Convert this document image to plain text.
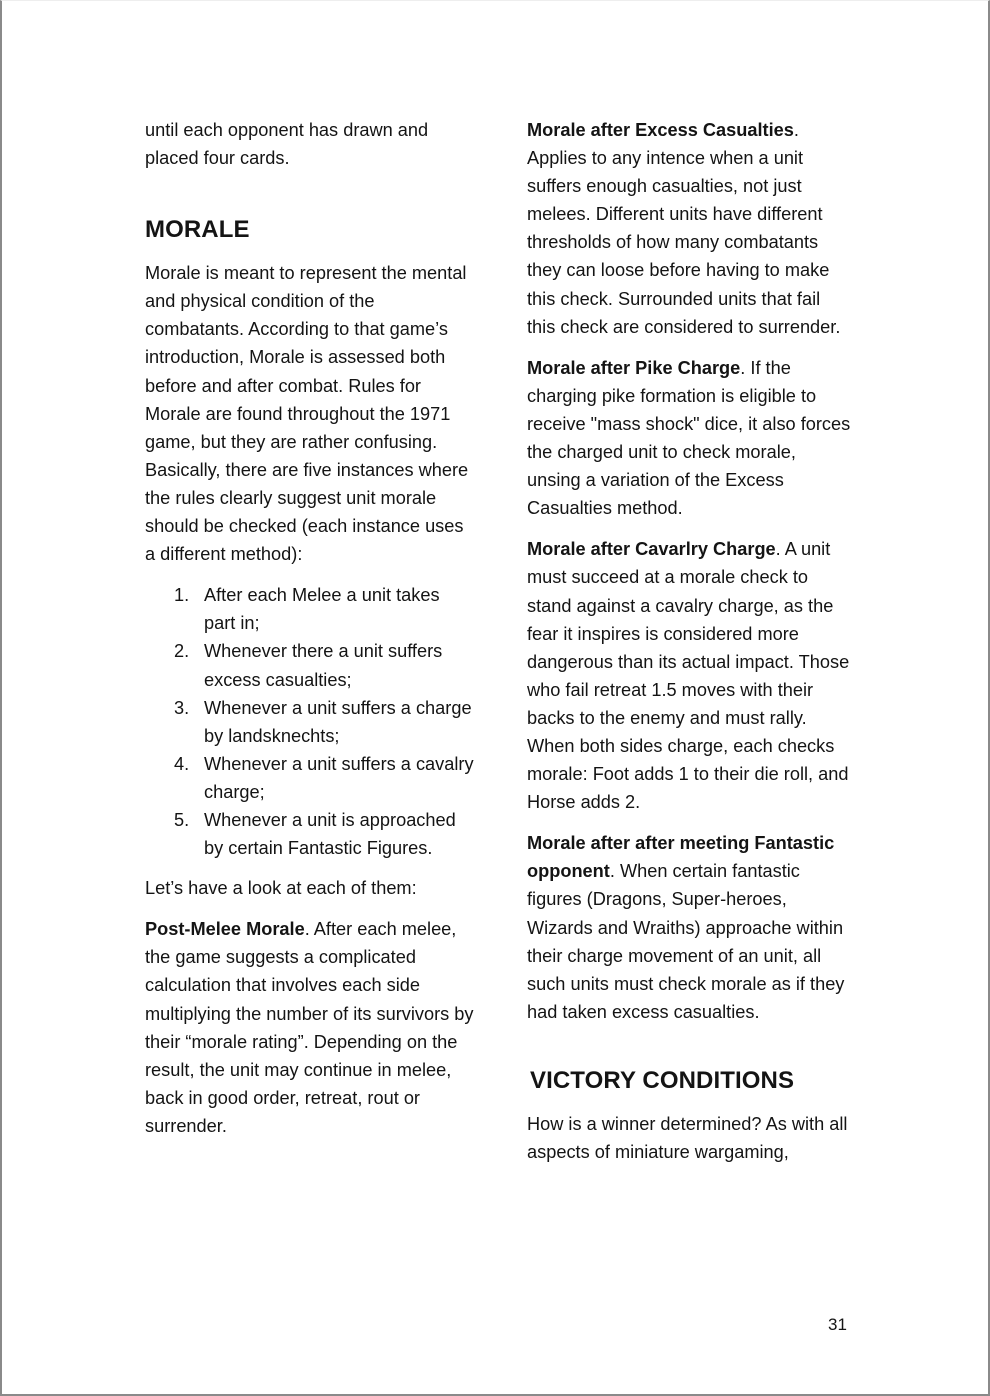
until each opponent has drawn and placed four cards.

MORALE

Morale is meant to represent the mental and physical condition of the combatants. According to that game’s introduction, Morale is assessed both before and after combat. Rules for Morale are found throughout the 1971 game, but they are rather confusing. Basically, there are five instances where the rules clearly suggest unit morale should be checked (each instance uses a different method):

1. After each Melee a unit takes part in;
2. Whenever there a unit suffers excess casualties;
3. Whenever a unit suffers a charge by landsknechts;
4. Whenever a unit suffers a cavalry charge;
5. Whenever a unit is approached by certain Fantastic Figures.

Let’s have a look at each of them:

Post-Melee Morale. After each melee, the game suggests a complicated calculation that involves each side multiplying the number of its survivors by their “morale rating”. Depending on the result, the unit may continue in melee, back in good order, retreat, rout or surrender.

Morale after Excess Casualties. Applies to any intence when a unit suffers enough casualties, not just melees. Different units have different thresholds of how many combatants they can loose before having to make this check. Surrounded units that fail this check are considered to surrender.

Morale after Pike Charge. If the charging pike formation is eligible to receive "mass shock" dice, it also forces the charged unit to check morale, unsing a variation of the Excess Casualties method.

Morale after Cavarlry Charge. A unit must succeed at a morale check to stand against a cavalry charge, as the fear it inspires is considered more dangerous than its actual impact. Those who fail retreat 1.5 moves with their backs to the enemy and must rally. When both sides charge, each checks morale: Foot adds 1 to their die roll, and Horse adds 2.

Morale after after meeting Fantastic opponent. When certain fantastic figures (Dragons, Super-heroes, Wizards and Wraiths) approache within their charge movement of an unit, all such units must check morale as if they had taken excess casualties.

VICTORY CONDITIONS

How is a winner determined? As with all aspects of miniature wargaming,

31
